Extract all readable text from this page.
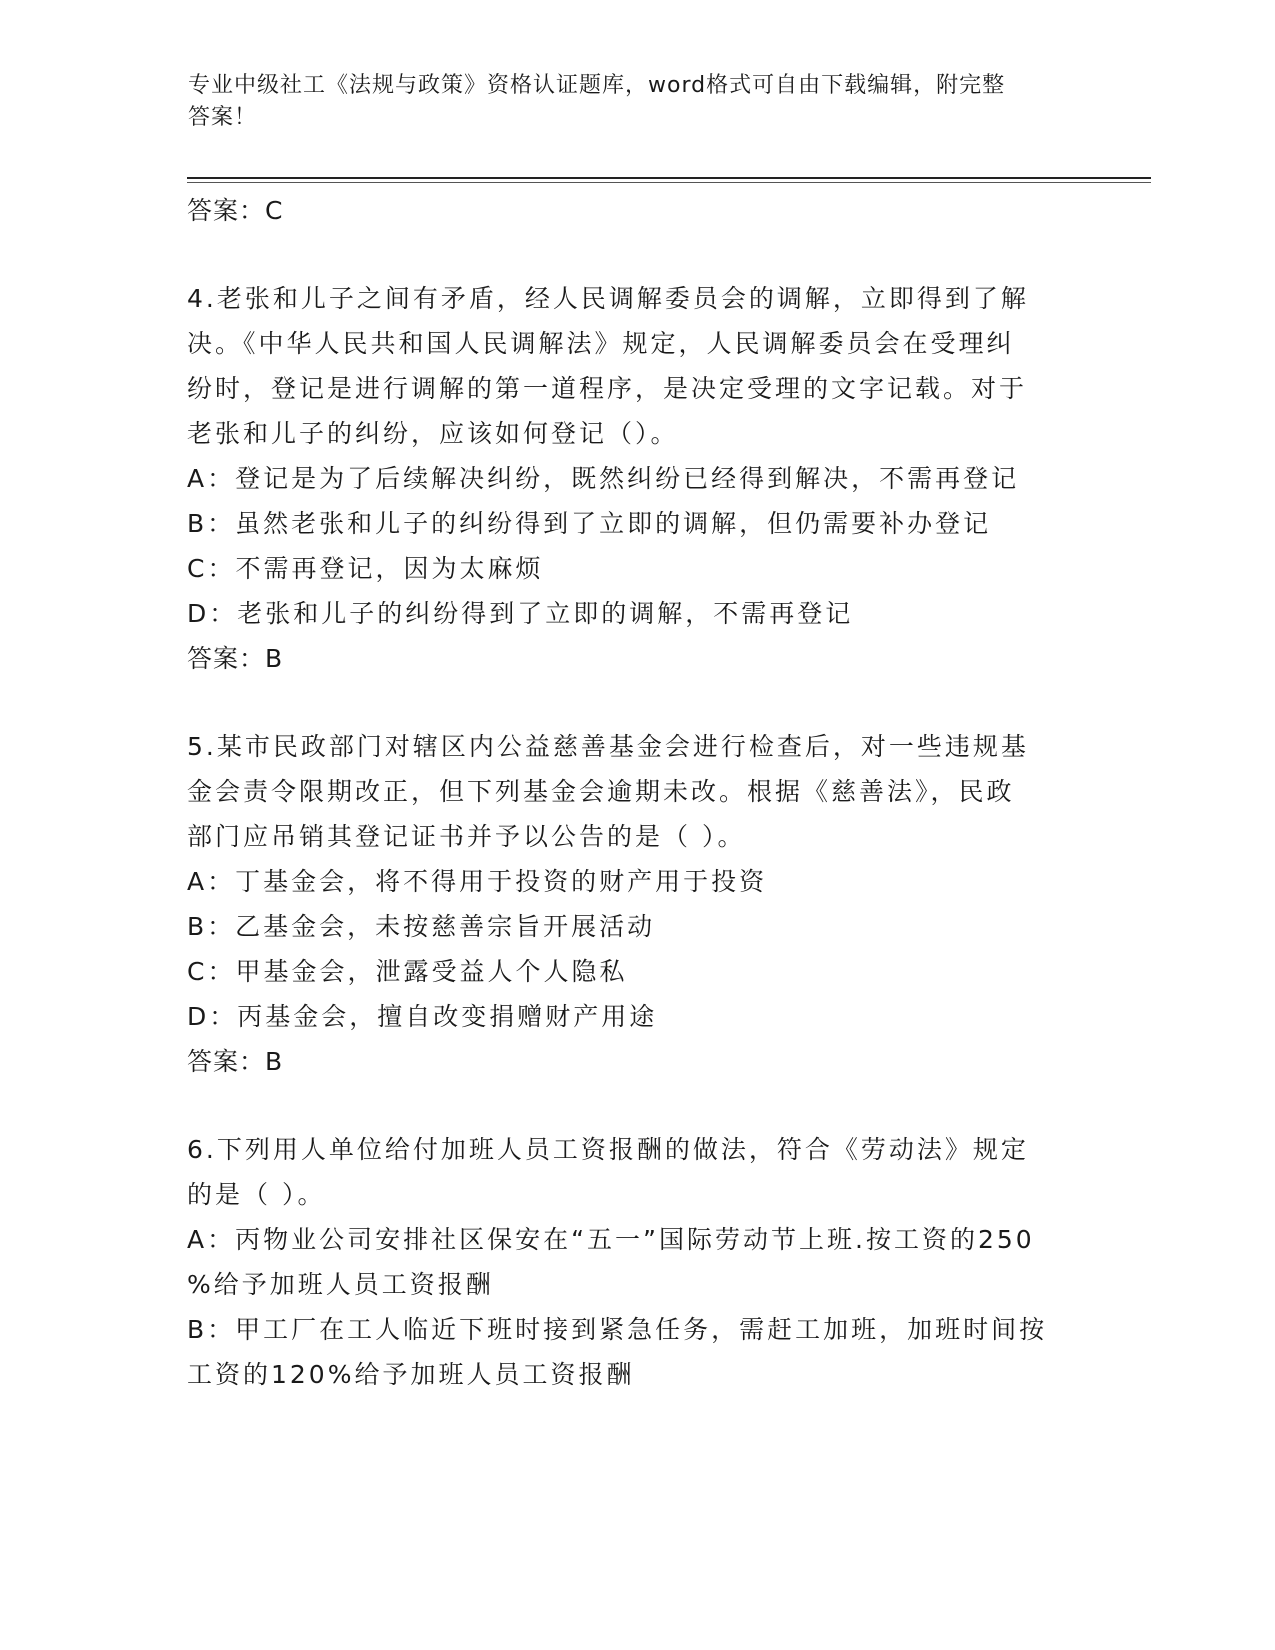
专业中级社工《法规与政策》资格认证题库，word格式可自由下载编辑，附完整
答案！
答案：C
4.老张和儿子之间有矛盾，经人民调解委员会的调解，立即得到了解
决。《中华人民共和国人民调解法》规定，人民调解委员会在受理纠
纷时，登记是进行调解的第一道程序，是决定受理的文字记载。对于
老张和儿子的纠纷，应该如何登记（）。
A：登记是为了后续解决纠纷，既然纠纷已经得到解决，不需再登记
B：虽然老张和儿子的纠纷得到了立即的调解，但仍需要补办登记
C：不需再登记，因为太麻烦
D：老张和儿子的纠纷得到了立即的调解，不需再登记
答案：B
5.某市民政部门对辖区内公益慈善基金会进行检查后，对一些违规基
金会责令限期改正，但下列基金会逾期未改。根据《慈善法》，民政
部门应吊销其登记证书并予以公告的是（ ）。
A：丁基金会，将不得用于投资的财产用于投资
B：乙基金会，未按慈善宗旨开展活动
C：甲基金会，泄露受益人个人隐私
D：丙基金会，擅自改变捐赠财产用途
答案：B
6.下列用人单位给付加班人员工资报酬的做法，符合《劳动法》规定
的是（ ）。
A：丙物业公司安排社区保安在“五一”国际劳动节上班.按工资的250
%给予加班人员工资报酬
B：甲工厂在工人临近下班时接到紧急任务，需赶工加班，加班时间按
工资的120%给予加班人员工资报酬
